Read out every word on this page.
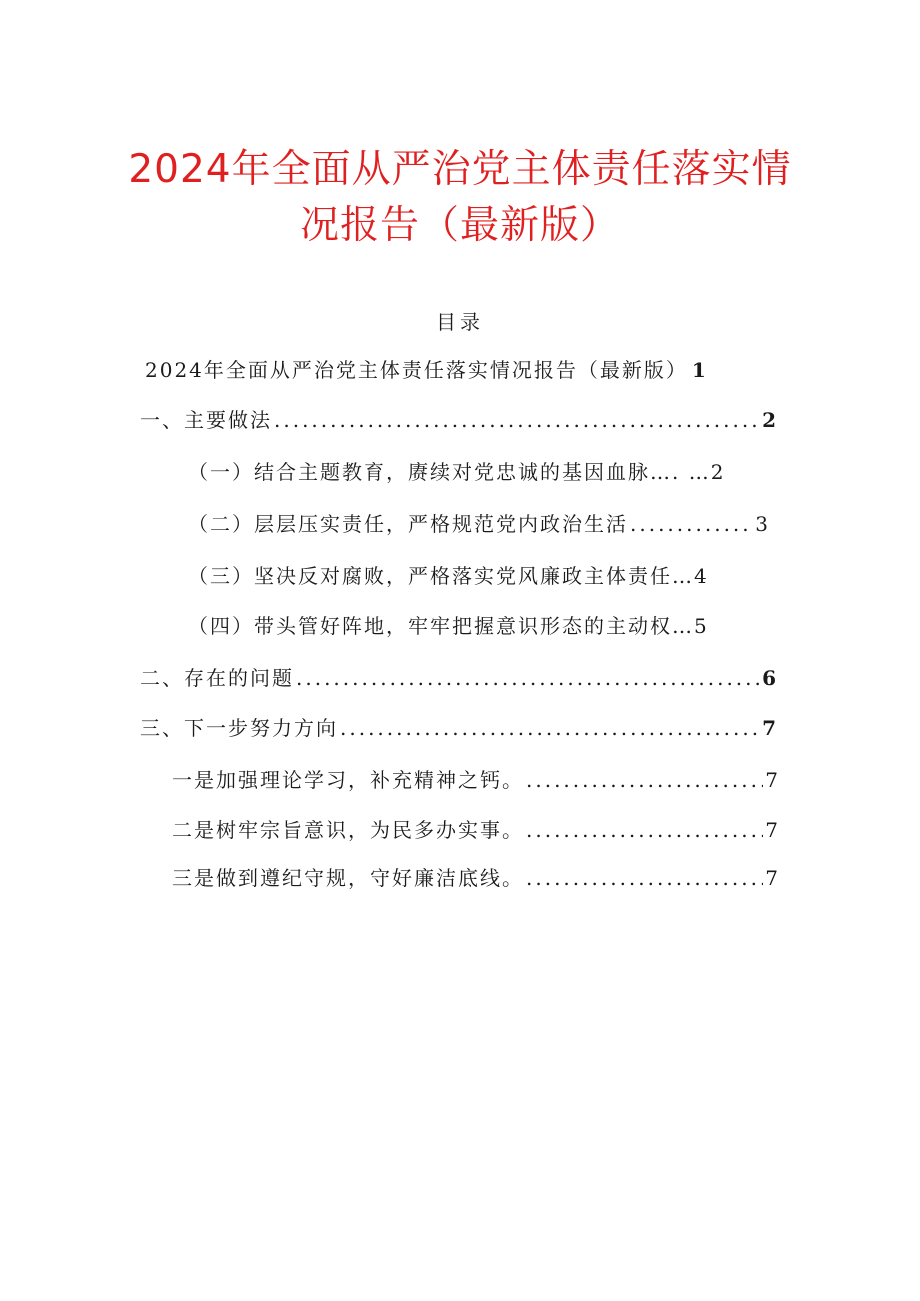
2024年全面从严治党主体责任落实情
况报告（最新版）
目录
2024年全面从严治党主体责任落实情况报告（最新版） 1
一、主要做法 .....	2
（一）结合主题教育，赓续对党忠诚的基因血脉…. … 2
（二）层层压实责任，严格规范党内政治生活 .....	3
（三）坚决反对腐败，严格落实党风廉政主体责任… 4
（四）带头管好阵地，牢牢把握意识形态的主动权… 5
二、存在的问题 .....	6
三、下一步努力方向 .....	7
一是加强理论学习，补充精神之钙。 .....	7
二是树牢宗旨意识，为民多办实事。 .....	7
三是做到遵纪守规，守好廉洁底线。 .....	7
